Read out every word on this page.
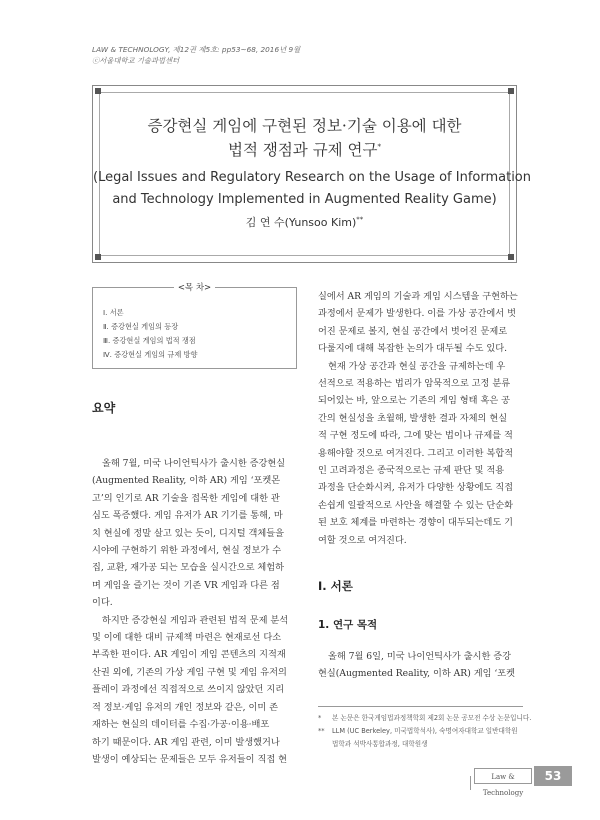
LAW & TECHNOLOGY, 제12권 제5호: pp53~68, 2016년 9월
ⓒ서울대학교 기술과법센터
증강현실 게임에 구현된 정보·기술 이용에 대한
법적 쟁점과 규제 연구*
(Legal Issues and Regulatory Research on the Usage of Information
and Technology Implemented in Augmented Reality Game)
김 연 수(Yunsoo Kim)**
<목 차>
Ⅰ. 서론
Ⅱ. 증강현실 게임의 등장
Ⅲ. 증강현실 게임의 법적 쟁점
Ⅳ. 증강현실 게임의 규제 방향
요약
올해 7월, 미국 나이언틱사가 출시한 증강현실
(Augmented Reality, 이하 AR) 게임 ‘포켓몬
고’의 인기로 AR 기술을 접목한 게임에 대한 관
심도 폭증했다. 게임 유저가 AR 기기를 통해, 마
치 현실에 정말 살고 있는 듯이, 디지털 객체들을
시야에 구현하기 위한 과정에서, 현실 정보가 수
집, 교환, 재가공 되는 모습을 실시간으로 체험하
며 게임을 즐기는 것이 기존 VR 게임과 다른 점
이다.
하지만 증강현실 게임과 관련된 법적 문제 분석
및 이에 대한 대비 규제책 마련은 현재로선 다소
부족한 편이다. AR 게임이 게임 콘텐츠의 지적재
산권 외에, 기존의 가상 게임 구현 및 게임 유저의
플레이 과정에선 직접적으로 쓰이지 않았던 지리
적 정보·게임 유저의 개인 정보와 같은, 이미 존
재하는 현실의 데이터를 수집·가공·이용·배포
하기 때문이다. AR 게임 관련, 이미 발생했거나
발생이 예상되는 문제들은 모두 유저들이 직접 현
실에서 AR 게임의 기술과 게임 시스템을 구현하는
과정에서 문제가 발생한다. 이를 가상 공간에서 벗
어진 문제로 볼지, 현실 공간에서 벗어진 문제로
다룰지에 대해 복잡한 논의가 대두될 수도 있다.
현재 가상 공간과 현실 공간을 규제하는데 우
선적으로 적용하는 법리가 암묵적으로 고정 분류
되어있는 바, 앞으로는 기존의 게임 형태 혹은 공
간의 현실성을 초월해, 발생한 결과 자체의 현실
적 구현 정도에 따라, 그에 맞는 법이나 규제를 적
용해야할 것으로 여겨진다. 그리고 이러한 복합적
인 고려과정은 종국적으로는 규제 판단 및 적용
과정을 단순화시켜, 유저가 다양한 상황에도 직접
손쉽게 일괄적으로 사안을 해결할 수 있는 단순화
된 보호 체계를 마련하는 경향이 대두되는데도 기
여할 것으로 여겨진다.
Ⅰ. 서론
1. 연구 목적
올해 7월 6일, 미국 나이언틱사가 출시한 증강
현실(Augmented Reality, 이하 AR) 게임 ‘포켓
* 본 논문은 한국게임법과정책학회 제2회 논문 공모전 수상 논문입니다.
** LLM (UC Berkeley, 미국법학석사), 숙명여자대학교 일반대학원
법학과 석박사통합과정, 대학원생
Law & Technology
53
